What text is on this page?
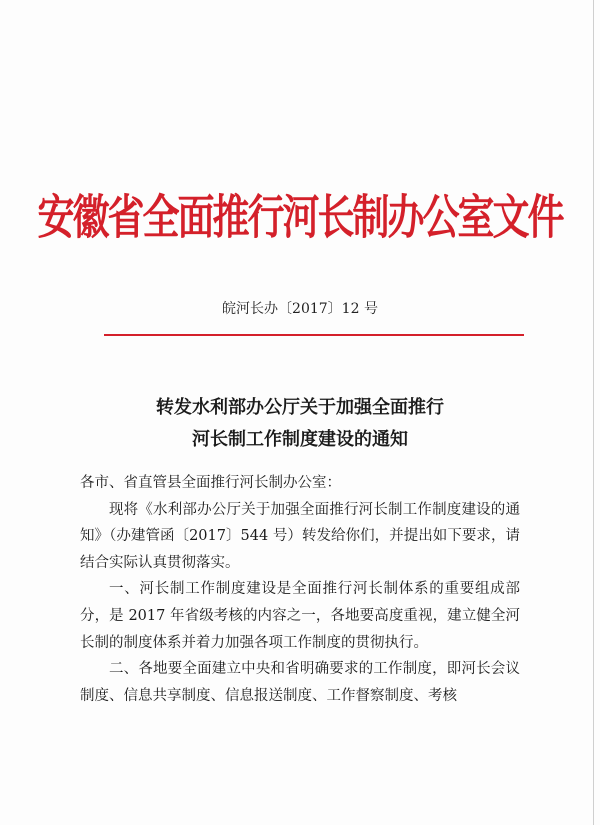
安徽省全面推行河长制办公室文件
皖河长办〔2017〕12 号
转发水利部办公厅关于加强全面推行
河长制工作制度建设的通知

各市、省直管县全面推行河长制办公室：

现将《水利部办公厅关于加强全面推行河长制工作制度建设的通知》（办建管函〔2017〕544 号）转发给你们，并提出如下要求，请结合实际认真贯彻落实。

一、河长制工作制度建设是全面推行河长制体系的重要组成部分，是 2017 年省级考核的内容之一，各地要高度重视，建立健全河长制的制度体系并着力加强各项工作制度的贯彻执行。

二、各地要全面建立中央和省明确要求的工作制度，即河长会议制度、信息共享制度、信息报送制度、工作督察制度、考核
